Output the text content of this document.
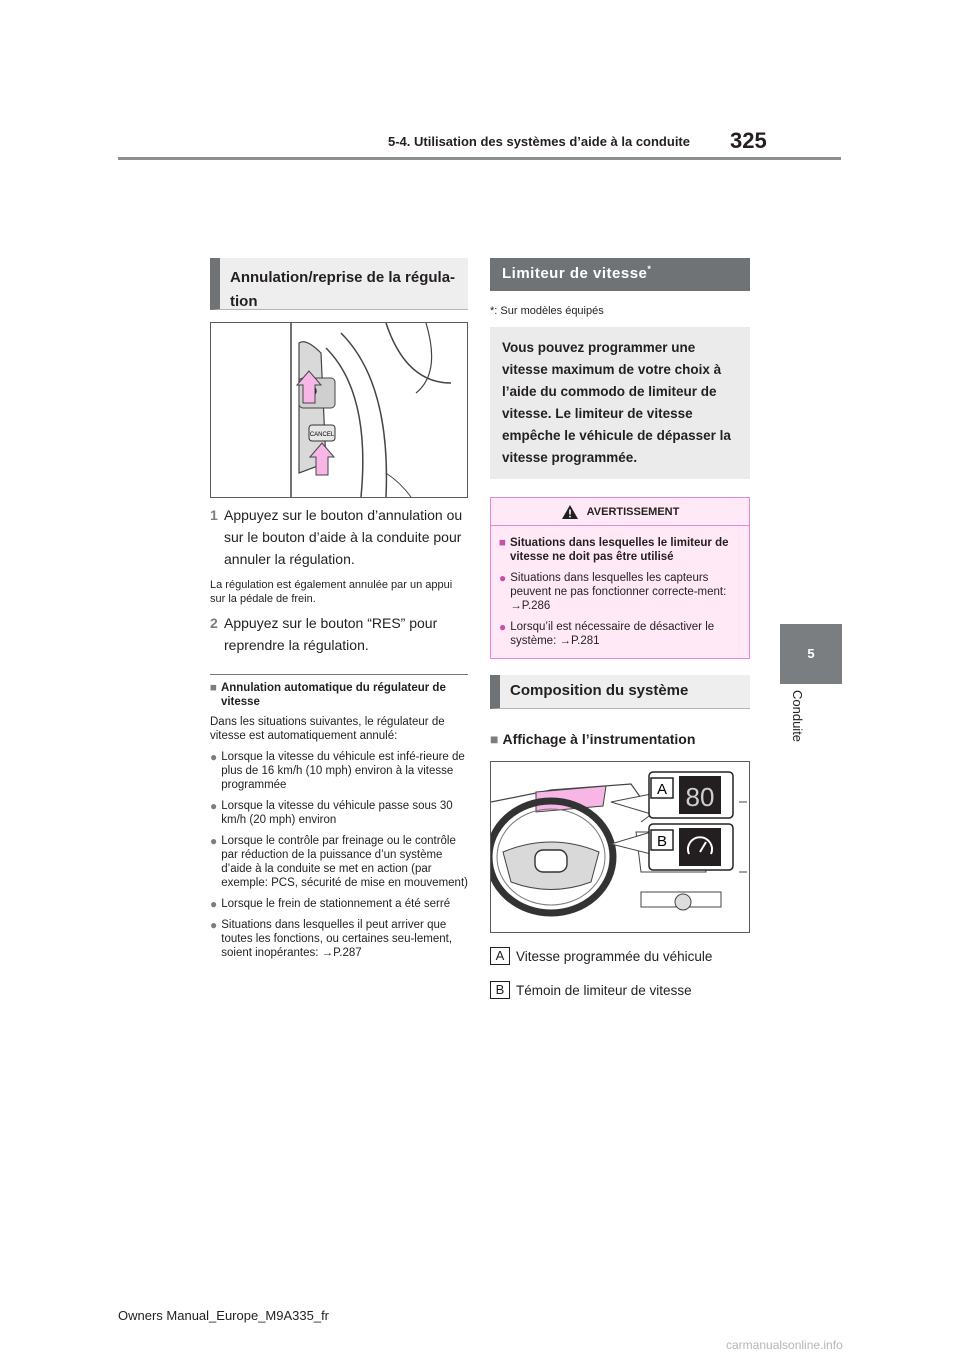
325
5-4. Utilisation des systèmes d’aide à la conduite
5
Conduite
Annulation/reprise de la régula-tion
CANCEL
1 Appuyez sur le bouton d’annulation ou sur le bouton d’aide à la conduite pour annuler la régulation.
La régulation est également annulée par un appui sur la pédale de frein.
2 Appuyez sur le bouton “RES” pour reprendre la régulation.
■ Annulation automatique du régulateur de vitesse
Dans les situations suivantes, le régulateur de vitesse est automatiquement annulé:
● Lorsque la vitesse du véhicule est infé-rieure de plus de 16 km/h (10 mph) environ à la vitesse programmée
● Lorsque la vitesse du véhicule passe sous 30 km/h (20 mph) environ
● Lorsque le contrôle par freinage ou le contrôle par réduction de la puissance d’un système d’aide à la conduite se met en action (par exemple: PCS, sécurité de mise en mouvement)
● Lorsque le frein de stationnement a été serré
● Situations dans lesquelles il peut arriver que toutes les fonctions, ou certaines seu-lement, soient inopérantes: →P.287
Limiteur de vitesse*
*: Sur modèles équipés
Vous pouvez programmer une vitesse maximum de votre choix à l’aide du commodo de limiteur de vitesse. Le limiteur de vitesse empêche le véhicule de dépasser la vitesse programmée.
AVERTISSEMENT
■ Situations dans lesquelles le limiteur de vitesse ne doit pas être utilisé
● Situations dans lesquelles les capteurs peuvent ne pas fonctionner correcte-ment: →P.286
● Lorsqu’il est nécessaire de désactiver le système: →P.281
Composition du système
■ Affichage à l’instrumentation
A 80
B
A Vitesse programmée du véhicule
B Témoin de limiteur de vitesse
Owners Manual_Europe_M9A335_fr
carmanualsonline.info
